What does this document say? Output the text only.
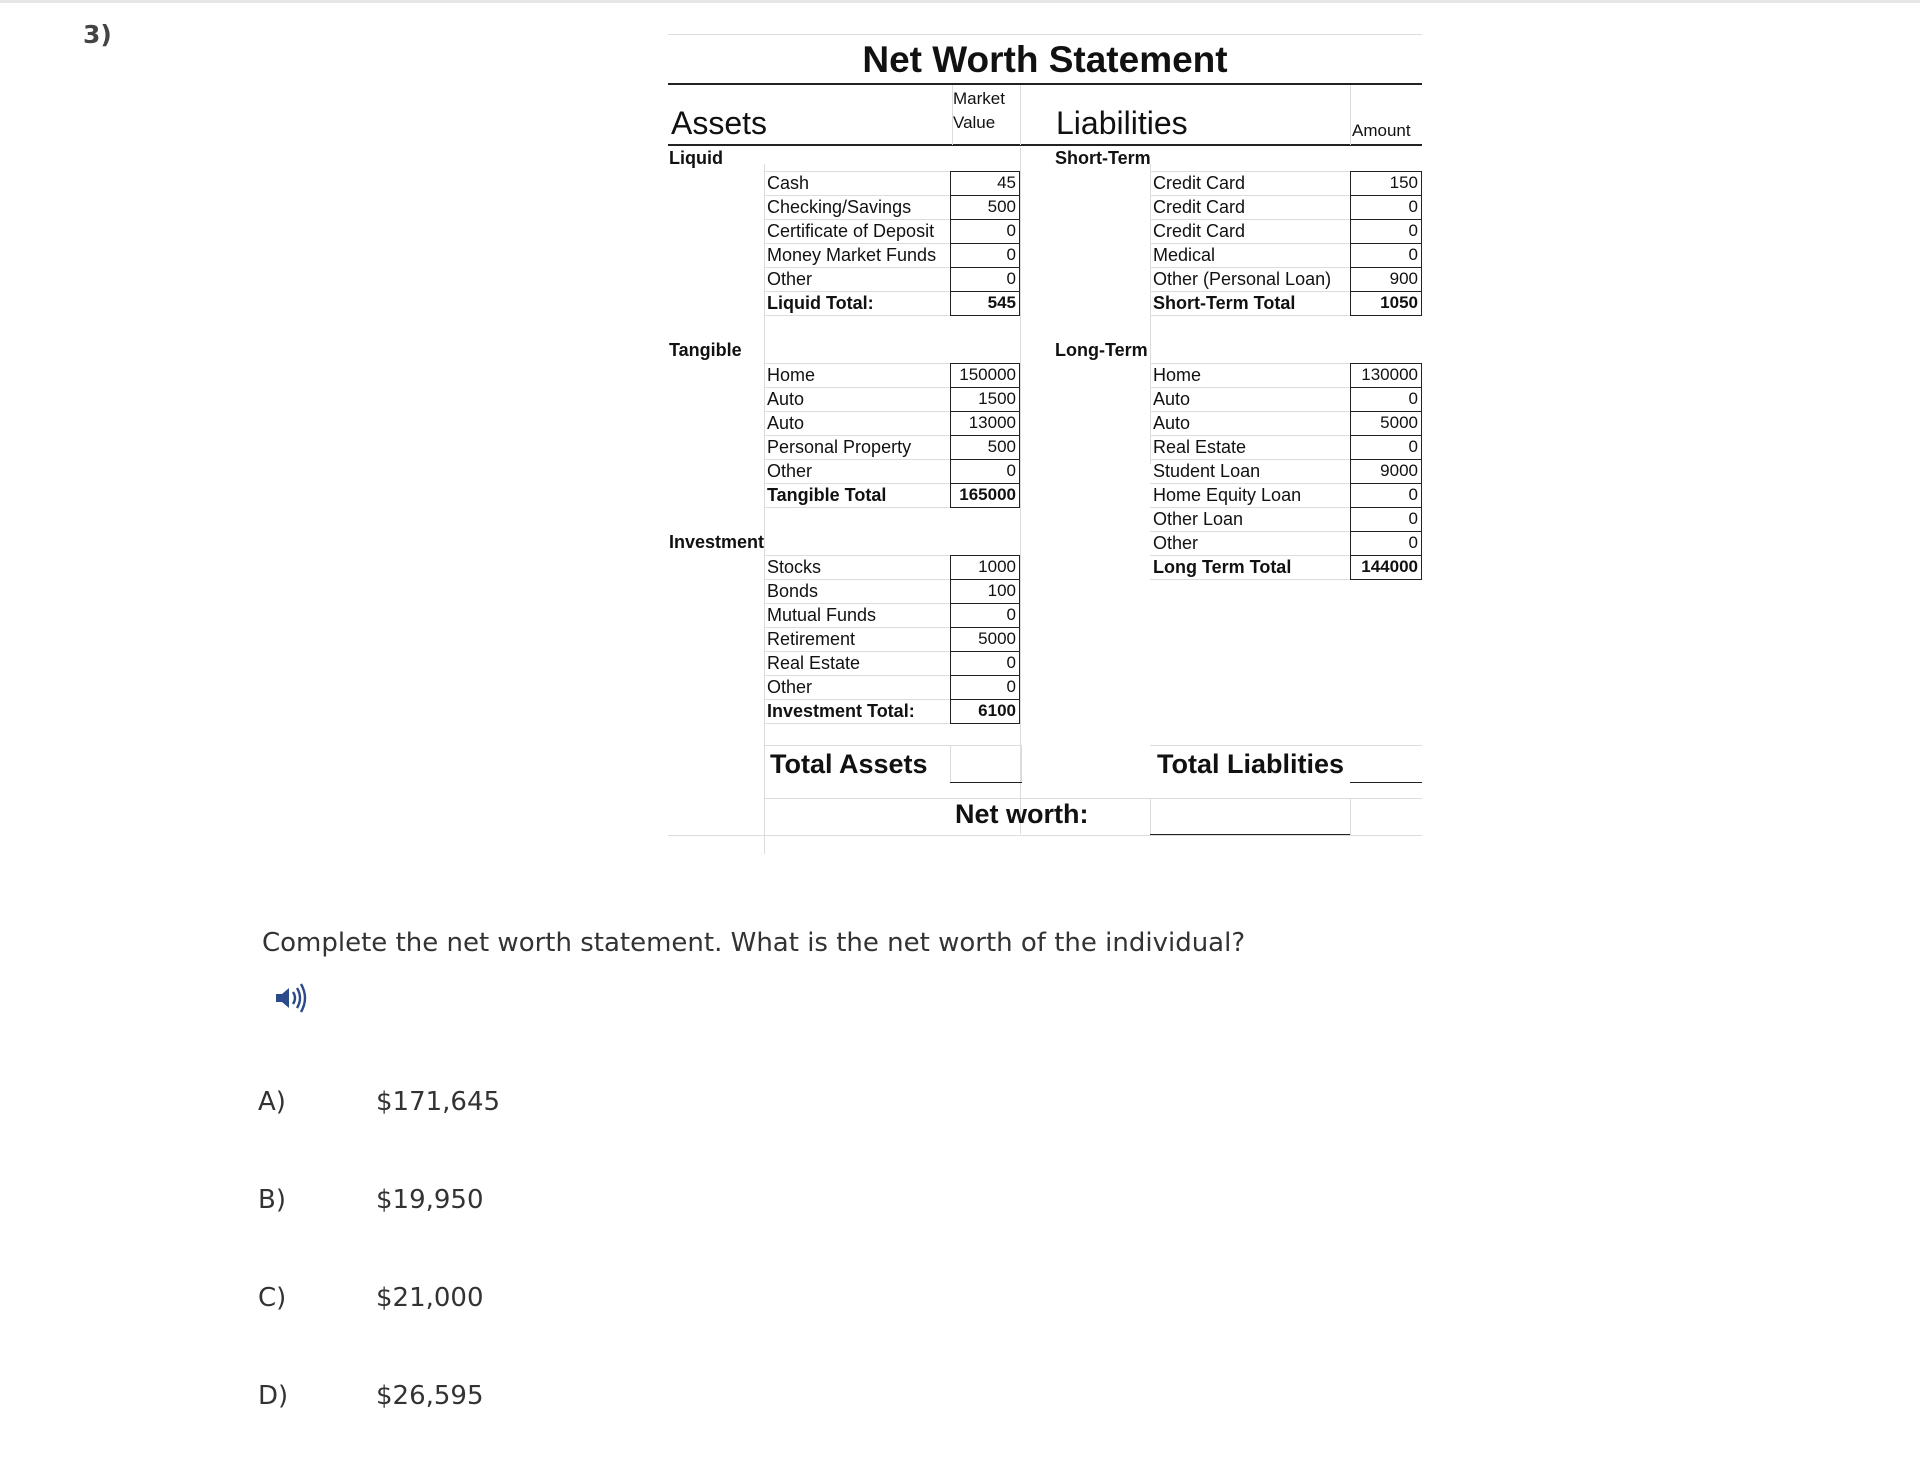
3)
Net Worth Statement
Assets
Market
Value Liabilities	Amount
Liquid
Tangible
Investment
Short-Term
Long-Term
Total Assets	Total Liablities
Net worth:
Cash	45
Checking/Savings	500
Certificate of Deposit	0
Money Market Funds	0
Other	0
Liquid Total:	545
Home	150000
Auto	1500
Auto	13000
Personal Property	500
Other	0
Tangible Total	165000
Stocks	1000
Bonds	100
Mutual Funds	0
Retirement	5000
Real Estate	0
Other	0
Investment Total:	6100
Credit Card	150
Credit Card	0
Credit Card	0
Medical	0
Other (Personal Loan)	900
Short-Term Total	1050
Home	130000
Auto	0
Auto	5000
Real Estate	0
Student Loan	9000
Home Equity Loan	0
Other Loan	0
Other	0
Long Term Total	144000
Complete the net worth statement. What is the net worth of the individual?
A)	$171,645
B)	$19,950
C)	$21,000
D)	$26,595
